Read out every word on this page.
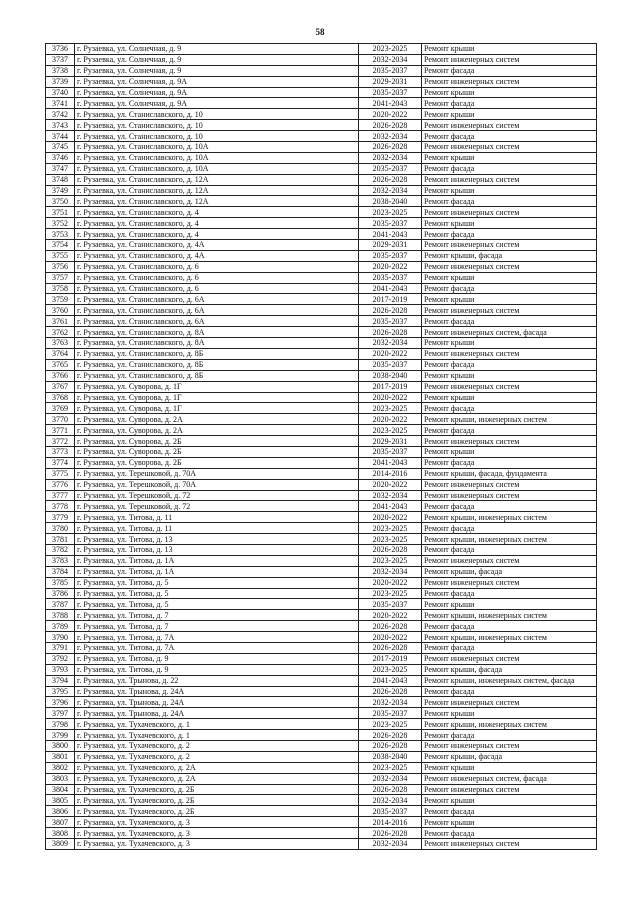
58
3736	г. Рузаевка, ул. Солнечная, д. 9	2023-2025	Ремонт крыши
3737	г. Рузаевка, ул. Солнечная, д. 9	2032-2034	Ремонт инженерных систем
3738	г. Рузаевка, ул. Солнечная, д. 9	2035-2037	Ремонт фасада
3739	г. Рузаевка, ул. Солнечная, д. 9А	2029-2031	Ремонт инженерных систем
3740	г. Рузаевка, ул. Солнечная, д. 9А	2035-2037	Ремонт крыши
3741	г. Рузаевка, ул. Солнечная, д. 9А	2041-2043	Ремонт фасада
3742	г. Рузаевка, ул. Станиславского, д. 10	2020-2022	Ремонт крыши
3743	г. Рузаевка, ул. Станиславского, д. 10	2026-2028	Ремонт инженерных систем
3744	г. Рузаевка, ул. Станиславского, д. 10	2032-2034	Ремонт фасада
3745	г. Рузаевка, ул. Станиславского, д. 10А	2026-2028	Ремонт инженерных систем
3746	г. Рузаевка, ул. Станиславского, д. 10А	2032-2034	Ремонт крыши
3747	г. Рузаевка, ул. Станиславского, д. 10А	2035-2037	Ремонт фасада
3748	г. Рузаевка, ул. Станиславского, д. 12А	2026-2028	Ремонт инженерных систем
3749	г. Рузаевка, ул. Станиславского, д. 12А	2032-2034	Ремонт крыши
3750	г. Рузаевка, ул. Станиславского, д. 12А	2038-2040	Ремонт фасада
3751	г. Рузаевка, ул. Станиславского, д. 4	2023-2025	Ремонт инженерных систем
3752	г. Рузаевка, ул. Станиславского, д. 4	2035-2037	Ремонт крыши
3753	г. Рузаевка, ул. Станиславского, д. 4	2041-2043	Ремонт фасада
3754	г. Рузаевка, ул. Станиславского, д. 4А	2029-2031	Ремонт инженерных систем
3755	г. Рузаевка, ул. Станиславского, д. 4А	2035-2037	Ремонт крыши, фасада
3756	г. Рузаевка, ул. Станиславского, д. 6	2020-2022	Ремонт инженерных систем
3757	г. Рузаевка, ул. Станиславского, д. 6	2035-2037	Ремонт крыши
3758	г. Рузаевка, ул. Станиславского, д. 6	2041-2043	Ремонт фасада
3759	г. Рузаевка, ул. Станиславского, д. 6А	2017-2019	Ремонт крыши
3760	г. Рузаевка, ул. Станиславского, д. 6А	2026-2028	Ремонт инженерных систем
3761	г. Рузаевка, ул. Станиславского, д. 6А	2035-2037	Ремонт фасада
3762	г. Рузаевка, ул. Станиславского, д. 8А	2026-2028	Ремонт инженерных систем, фасада
3763	г. Рузаевка, ул. Станиславского, д. 8А	2032-2034	Ремонт крыши
3764	г. Рузаевка, ул. Станиславского, д. 8Б	2020-2022	Ремонт инженерных систем
3765	г. Рузаевка, ул. Станиславского, д. 8Б	2035-2037	Ремонт фасада
3766	г. Рузаевка, ул. Станиславского, д. 8Б	2038-2040	Ремонт крыши
3767	г. Рузаевка, ул. Суворова, д. 1Г	2017-2019	Ремонт инженерных систем
3768	г. Рузаевка, ул. Суворова, д. 1Г	2020-2022	Ремонт крыши
3769	г. Рузаевка, ул. Суворова, д. 1Г	2023-2025	Ремонт фасада
3770	г. Рузаевка, ул. Суворова, д. 2А	2020-2022	Ремонт крыши, инженерных систем
3771	г. Рузаевка, ул. Суворова, д. 2А	2023-2025	Ремонт фасада
3772	г. Рузаевка, ул. Суворова, д. 2Б	2029-2031	Ремонт инженерных систем
3773	г. Рузаевка, ул. Суворова, д. 2Б	2035-2037	Ремонт крыши
3774	г. Рузаевка, ул. Суворова, д. 2Б	2041-2043	Ремонт фасада
3775	г. Рузаевка, ул. Терешковой, д. 70А	2014-2016	Ремонт крыши, фасада, фундамента
3776	г. Рузаевка, ул. Терешковой, д. 70А	2020-2022	Ремонт инженерных систем
3777	г. Рузаевка, ул. Терешковой, д. 72	2032-2034	Ремонт инженерных систем
3778	г. Рузаевка, ул. Терешковой, д. 72	2041-2043	Ремонт фасада
3779	г. Рузаевка, ул. Титова, д. 11	2020-2022	Ремонт крыши, инженерных систем
3780	г. Рузаевка, ул. Титова, д. 11	2023-2025	Ремонт фасада
3781	г. Рузаевка, ул. Титова, д. 13	2023-2025	Ремонт крыши, инженерных систем
3782	г. Рузаевка, ул. Титова, д. 13	2026-2028	Ремонт фасада
3783	г. Рузаевка, ул. Титова, д. 1А	2023-2025	Ремонт инженерных систем
3784	г. Рузаевка, ул. Титова, д. 1А	2032-2034	Ремонт крыши, фасада
3785	г. Рузаевка, ул. Титова, д. 5	2020-2022	Ремонт инженерных систем
3786	г. Рузаевка, ул. Титова, д. 5	2023-2025	Ремонт фасада
3787	г. Рузаевка, ул. Титова, д. 5	2035-2037	Ремонт крыши
3788	г. Рузаевка, ул. Титова, д. 7	2020-2022	Ремонт крыши, инженерных систем
3789	г. Рузаевка, ул. Титова, д. 7	2026-2028	Ремонт фасада
3790	г. Рузаевка, ул. Титова, д. 7А	2020-2022	Ремонт крыши, инженерных систем
3791	г. Рузаевка, ул. Титова, д. 7А	2026-2028	Ремонт фасада
3792	г. Рузаевка, ул. Титова, д. 9	2017-2019	Ремонт инженерных систем
3793	г. Рузаевка, ул. Титова, д. 9	2023-2025	Ремонт крыши, фасада
3794	г. Рузаевка, ул. Трынова, д. 22	2041-2043	Ремонт крыши, инженерных систем, фасада
3795	г. Рузаевка, ул. Трынова, д. 24А	2026-2028	Ремонт фасада
3796	г. Рузаевка, ул. Трынова, д. 24А	2032-2034	Ремонт инженерных систем
3797	г. Рузаевка, ул. Трынова, д. 24А	2035-2037	Ремонт крыши
3798	г. Рузаевка, ул. Тухачевского, д. 1	2023-2025	Ремонт крыши, инженерных систем
3799	г. Рузаевка, ул. Тухачевского, д. 1	2026-2028	Ремонт фасада
3800	г. Рузаевка, ул. Тухачевского, д. 2	2026-2028	Ремонт инженерных систем
3801	г. Рузаевка, ул. Тухачевского, д. 2	2038-2040	Ремонт крыши, фасада
3802	г. Рузаевка, ул. Тухачевского, д. 2А	2023-2025	Ремонт крыши
3803	г. Рузаевка, ул. Тухачевского, д. 2А	2032-2034	Ремонт инженерных систем, фасада
3804	г. Рузаевка, ул. Тухачевского, д. 2Б	2026-2028	Ремонт инженерных систем
3805	г. Рузаевка, ул. Тухачевского, д. 2Б	2032-2034	Ремонт крыши
3806	г. Рузаевка, ул. Тухачевского, д. 2Б	2035-2037	Ремонт фасада
3807	г. Рузаевка, ул. Тухачевского, д. 3	2014-2016	Ремонт крыши
3808	г. Рузаевка, ул. Тухачевского, д. 3	2026-2028	Ремонт фасада
3809	г. Рузаевка, ул. Тухачевского, д. 3	2032-2034	Ремонт инженерных систем
